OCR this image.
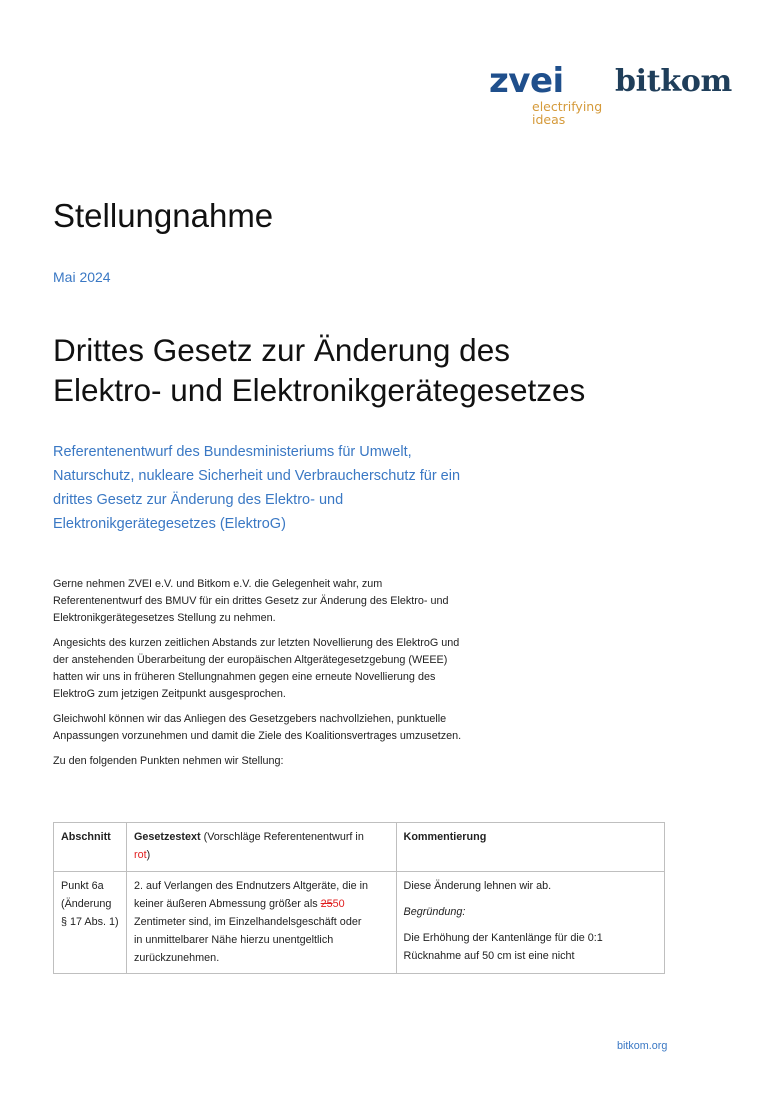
zvei
electrifying
ideas
bitkom
Stellungnahme
Mai 2024
Drittes Gesetz zur Änderung des
Elektro- und Elektronikgerätegesetzes

Referentenentwurf des Bundesministeriums für Umwelt,
Naturschutz, nukleare Sicherheit und Verbraucherschutz für ein
drittes Gesetz zur Änderung des Elektro- und
Elektronikgerätegesetzes (ElektroG)

Gerne nehmen ZVEI e.V. und Bitkom e.V. die Gelegenheit wahr, zum
Referentenentwurf des BMUV für ein drittes Gesetz zur Änderung des Elektro- und
Elektronikgerätegesetzes Stellung zu nehmen.

Angesichts des kurzen zeitlichen Abstands zur letzten Novellierung des ElektroG und
der anstehenden Überarbeitung der europäischen Altgerätegesetzgebung (WEEE)
hatten wir uns in früheren Stellungnahmen gegen eine erneute Novellierung des
ElektroG zum jetzigen Zeitpunkt ausgesprochen.

Gleichwohl können wir das Anliegen des Gesetzgebers nachvollziehen, punktuelle
Anpassungen vorzunehmen und damit die Ziele des Koalitionsvertrages umzusetzen.

Zu den folgenden Punkten nehmen wir Stellung:

Abschnitt	Gesetzestext (Vorschläge Referentenentwurf in
rot)	Kommentierung
Punkt 6a
(Änderung
§ 17 Abs. 1)	2. auf Verlangen des Endnutzers Altgeräte, die in
keiner äußeren Abmessung größer als 2550
Zentimeter sind, im Einzelhandelsgeschäft oder
in unmittelbarer Nähe hierzu unentgeltlich
zurückzunehmen.	Diese Änderung lehnen wir ab.
Begründung:
Die Erhöhung der Kantenlänge für die 0:1
Rücknahme auf 50 cm ist eine nicht
bitkom.org
